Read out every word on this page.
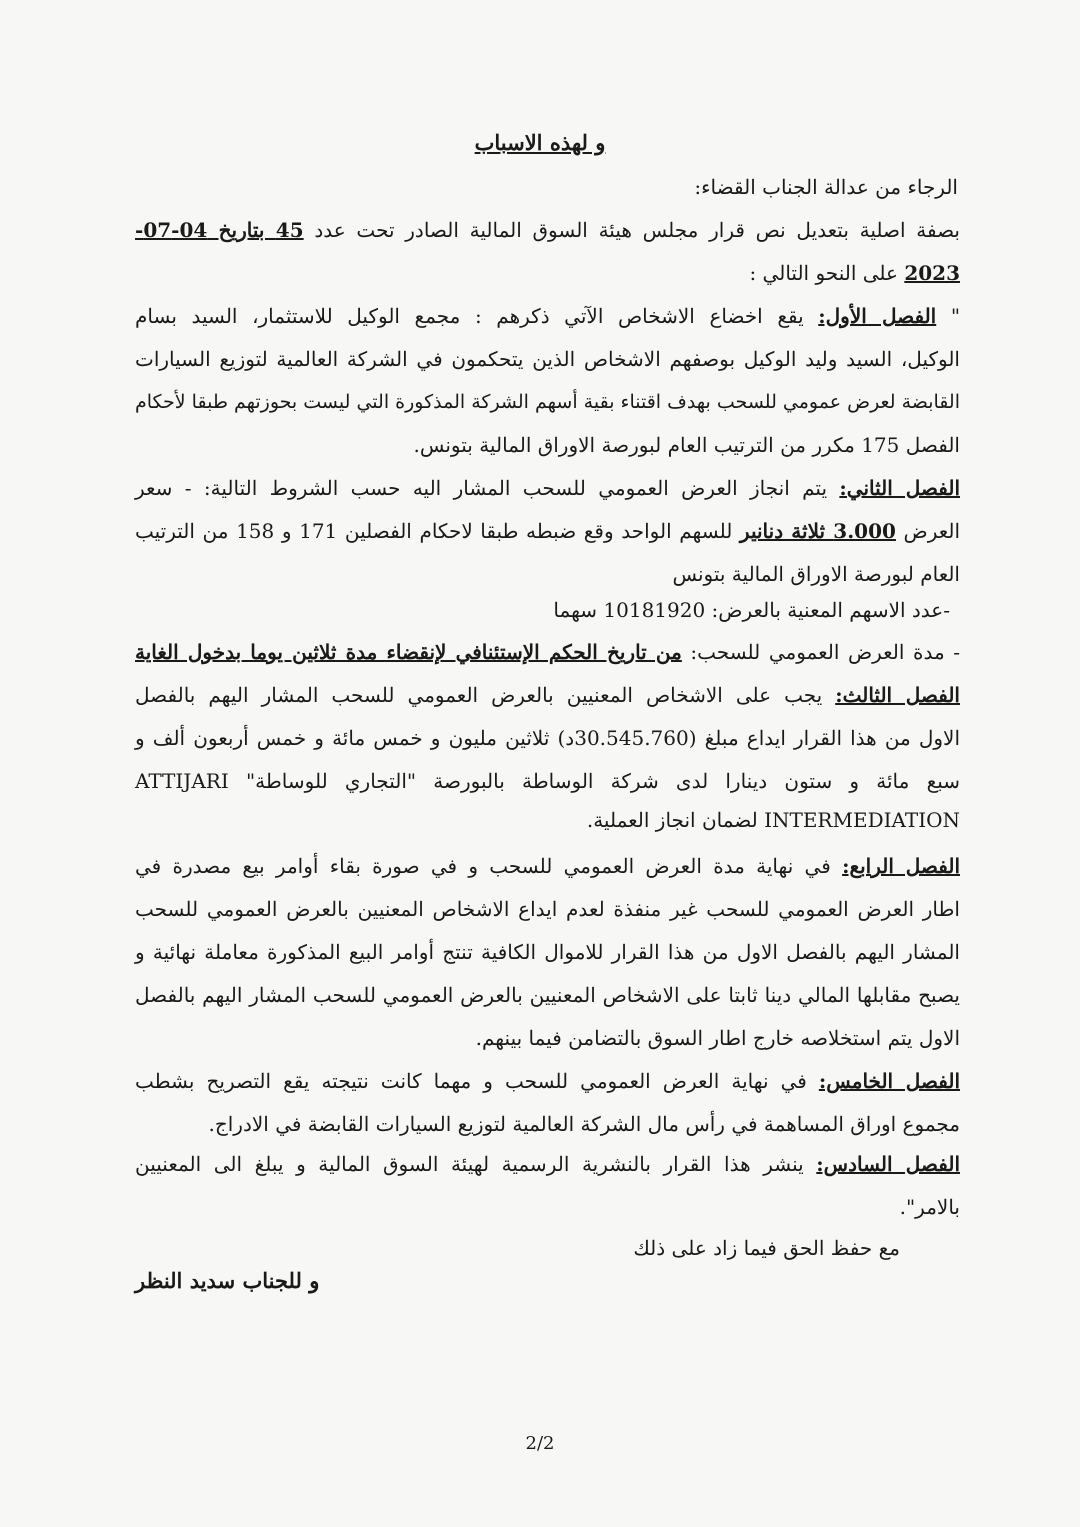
و لهذه الاسباب
الرجاء من عدالة الجناب القضاء:
بصفة اصلية بتعديل نص قرار مجلس هيئة السوق المالية الصادر تحت عدد 45 بتاريخ 04-07-
2023 على النحو التالي :
" الفصل الأول: يقع اخضاع الاشخاص الآتي ذكرهم : مجمع الوكيل للاستثمار، السيد بسام
الوكيل، السيد وليد الوكيل بوصفهم الاشخاص الذين يتحكمون في الشركة العالمية لتوزيع السيارات
القابضة لعرض عمومي للسحب بهدف اقتناء بقية أسهم الشركة المذكورة التي ليست بحوزتهم طبقا لأحكام
الفصل 175 مكرر من الترتيب العام لبورصة الاوراق المالية بتونس.
الفصل الثاني: يتم انجاز العرض العمومي للسحب المشار اليه حسب الشروط التالية: - سعر
العرض 3.000 ثلاثة دنانير للسهم الواحد وقع ضبطه طبقا لاحكام الفصلين 171 و 158 من الترتيب
العام لبورصة الاوراق المالية بتونس
-عدد الاسهم المعنية بالعرض: 10181920 سهما
- مدة العرض العمومي للسحب: من تاريخ الحكم الإستئنافي لإنقضاء مدة ثلاثين يوما بدخول الغاية
الفصل الثالث: يجب على الاشخاص المعنيين بالعرض العمومي للسحب المشار اليهم بالفصل
الاول من هذا القرار ايداع مبلغ (30.545.760د) ثلاثين مليون و خمس مائة و خمس أربعون ألف و
سبع مائة و ستون دينارا لدى شركة الوساطة بالبورصة "التجاري للوساطة" ATTIJARI
INTERMEDIATION لضمان انجاز العملية.
الفصل الرابع: في نهاية مدة العرض العمومي للسحب و في صورة بقاء أوامر بيع مصدرة في
اطار العرض العمومي للسحب غير منفذة لعدم ايداع الاشخاص المعنيين بالعرض العمومي للسحب
المشار اليهم بالفصل الاول من هذا القرار للاموال الكافية تنتج أوامر البيع المذكورة معاملة نهائية و
يصبح مقابلها المالي دينا ثابتا على الاشخاص المعنيين بالعرض العمومي للسحب المشار اليهم بالفصل
الاول يتم استخلاصه خارج اطار السوق بالتضامن فيما بينهم.
الفصل الخامس: في نهاية العرض العمومي للسحب و مهما كانت نتيجته يقع التصريح بشطب
مجموع اوراق المساهمة في رأس مال الشركة العالمية لتوزيع السيارات القابضة في الادراج.
الفصل السادس: ينشر هذا القرار بالنشرية الرسمية لهيئة السوق المالية و يبلغ الى المعنيين
بالامر".
مع حفظ الحق فيما زاد على ذلك
و للجناب سديد النظر
2/2
